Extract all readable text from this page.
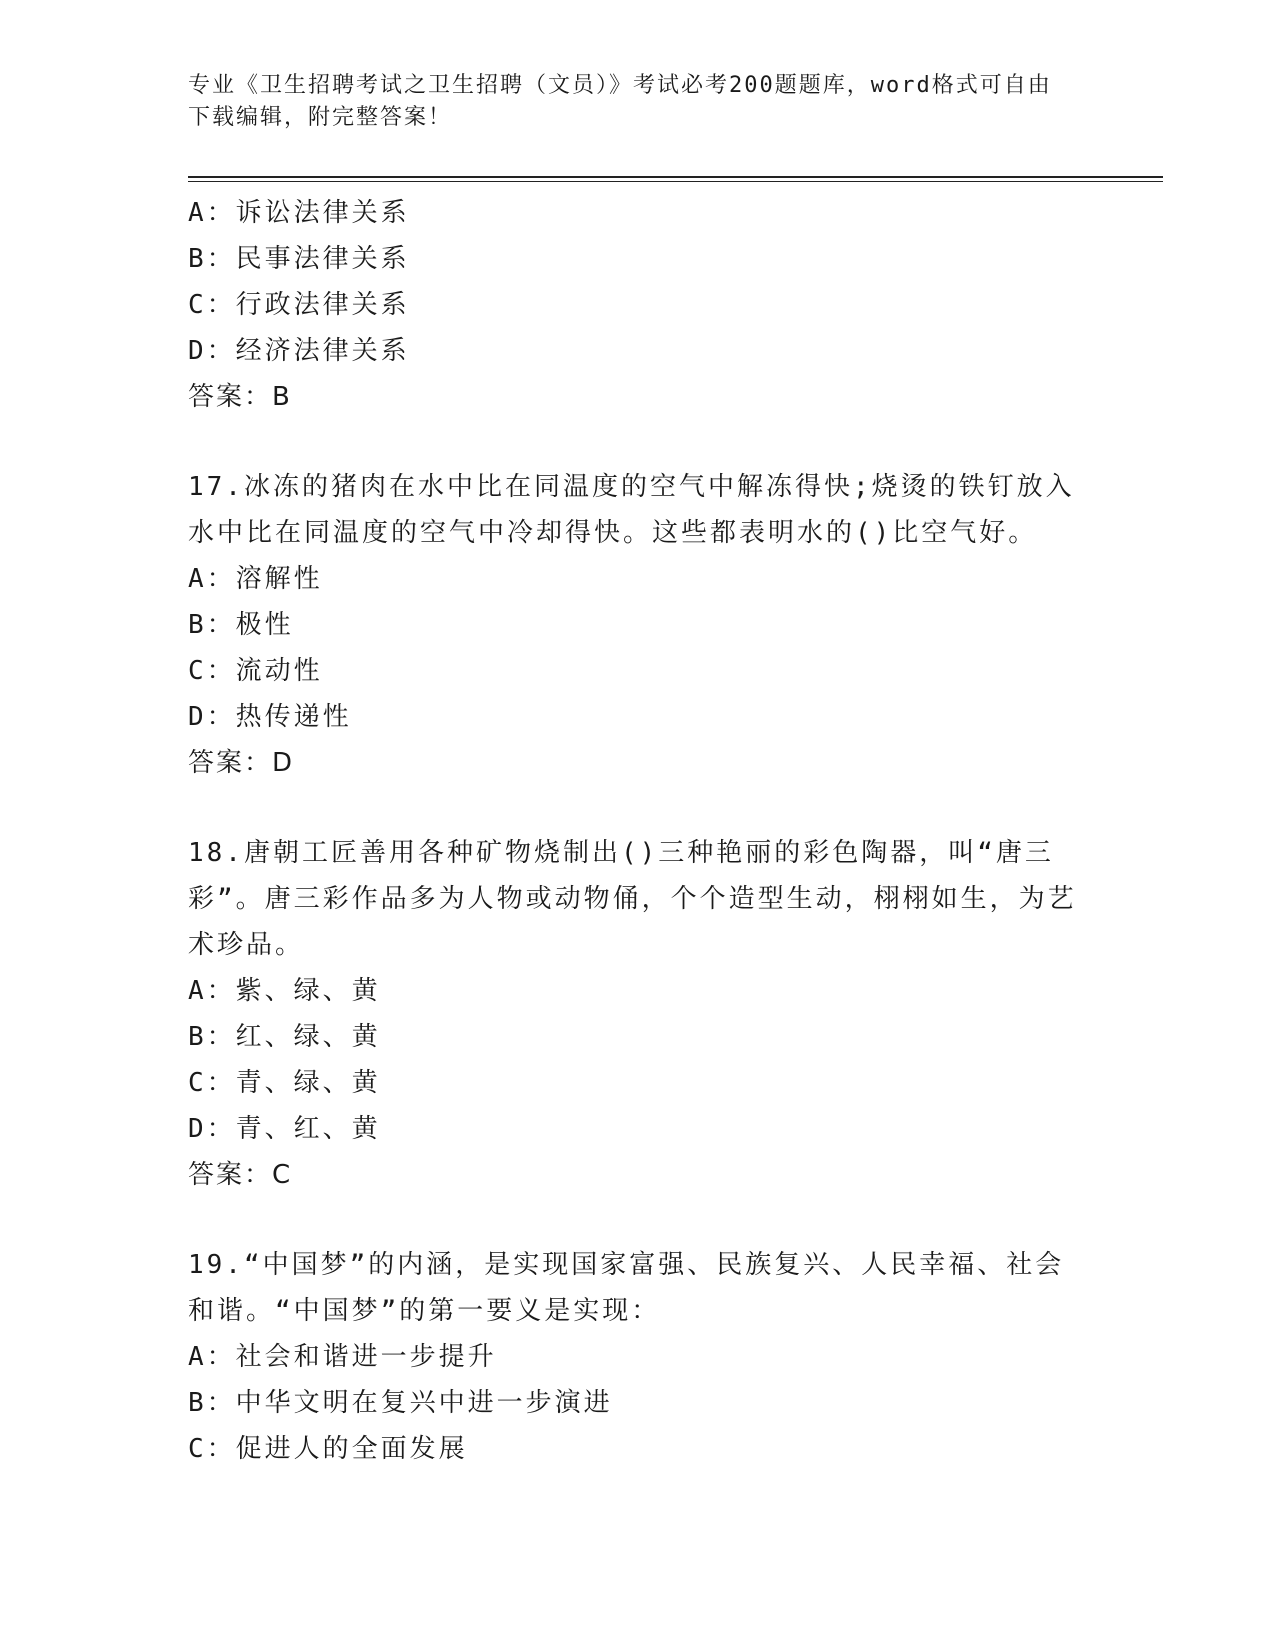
专业《卫生招聘考试之卫生招聘（文员）》考试必考200题题库，word格式可自由下载编辑，附完整答案！

A：诉讼法律关系

B：民事法律关系

C：行政法律关系

D：经济法律关系

答案：B

17.冰冻的猪肉在水中比在同温度的空气中解冻得快;烧烫的铁钉放入水中比在同温度的空气中冷却得快。这些都表明水的()比空气好。

A：溶解性

B：极性

C：流动性

D：热传递性

答案：D

18.唐朝工匠善用各种矿物烧制出()三种艳丽的彩色陶器，叫“唐三彩”。唐三彩作品多为人物或动物俑，个个造型生动，栩栩如生，为艺术珍品。

A：紫、绿、黄

B：红、绿、黄

C：青、绿、黄

D：青、红、黄

答案：C

19.“中国梦”的内涵，是实现国家富强、民族复兴、人民幸福、社会和谐。“中国梦”的第一要义是实现：

A：社会和谐进一步提升

B：中华文明在复兴中进一步演进

C：促进人的全面发展
